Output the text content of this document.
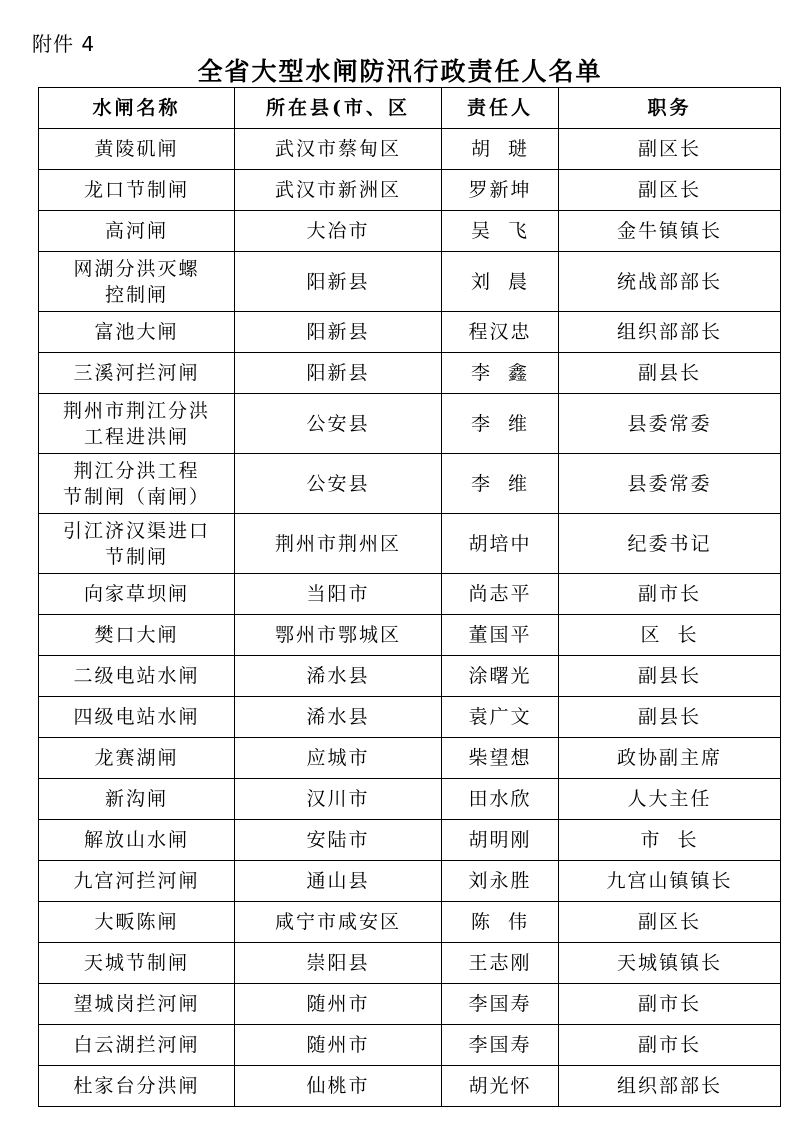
附件 4
全省大型水闸防汛行政责任人名单
水闸名称	所在县(市、区	责任人	职务

黄陵矶闸	武汉市蔡甸区	胡  琎	副区长

龙口节制闸	武汉市新洲区	罗新坤	副区长

高河闸	大冶市	吴  飞	金牛镇镇长

网湖分洪灭螺
控制闸	阳新县	刘  晨	统战部部长

富池大闸	阳新县	程汉忠	组织部部长

三溪河拦河闸	阳新县	李  鑫	副县长

荆州市荆江分洪
工程进洪闸	公安县	李  维	县委常委

荆江分洪工程
节制闸（南闸）	公安县	李  维	县委常委

引江济汉渠进口
节制闸	荆州市荆州区	胡培中	纪委书记

向家草坝闸	当阳市	尚志平	副市长

樊口大闸	鄂州市鄂城区	董国平	区  长

二级电站水闸	浠水县	涂曙光	副县长

四级电站水闸	浠水县	袁广文	副县长

龙赛湖闸	应城市	柴望想	政协副主席

新沟闸	汉川市	田水欣	人大主任

解放山水闸	安陆市	胡明刚	市  长

九宫河拦河闸	通山县	刘永胜	九宫山镇镇长

大畈陈闸	咸宁市咸安区	陈  伟	副区长

天城节制闸	崇阳县	王志刚	天城镇镇长

望城岗拦河闸	随州市	李国寿	副市长

白云湖拦河闸	随州市	李国寿	副市长

杜家台分洪闸	仙桃市	胡光怀	组织部部长
